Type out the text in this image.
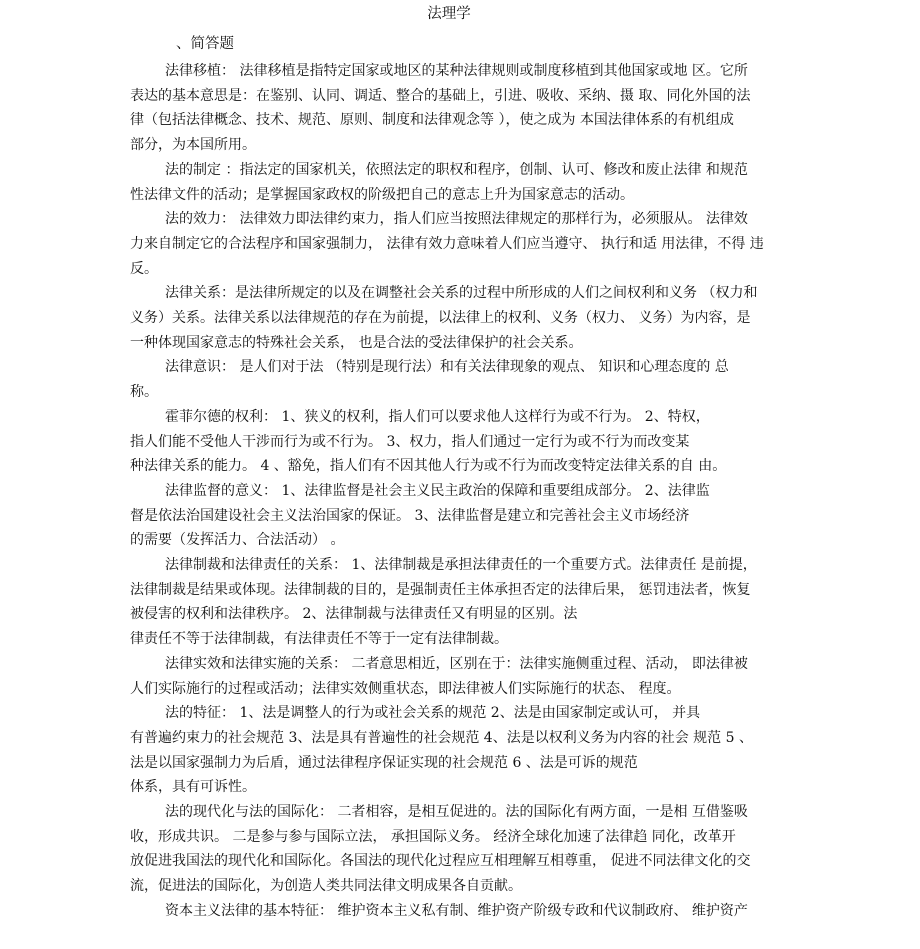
法理学
、简答题
法律移植： 法律移植是指特定国家或地区的某种法律规则或制度移植到其他国家或地 区。它所
表达的基本意思是：在鉴别、认同、调适、整合的基础上，引进、吸收、采纳、摄 取、同化外国的法
律（包括法律概念、技术、规范、原则、制度和法律观念等 ），使之成为 本国法律体系的有机组成
部分，为本国所用。
法的制定 ：指法定的国家机关，依照法定的职权和程序，创制、认可、修改和废止法律 和规范
性法律文件的活动；是掌握国家政权的阶级把自己的意志上升为国家意志的活动。
法的效力： 法律效力即法律约束力，指人们应当按照法律规定的那样行为，必须服从。 法律效
力来自制定它的合法程序和国家强制力， 法律有效力意味着人们应当遵守、 执行和适 用法律，不得 违
反。
法律关系：是法律所规定的以及在调整社会关系的过程中所形成的人们之间权利和义务 （权力和
义务）关系。法律关系以法律规范的存在为前提，以法律上的权利、义务（权力、 义务）为内容，是
一种体现国家意志的特殊社会关系， 也是合法的受法律保护的社会关系。
法律意识： 是人们对于法 （特别是现行法）和有关法律现象的观点、 知识和心理态度的 总
称。
霍菲尔德的权利： 1、狭义的权利，指人们可以要求他人这样行为或不行为。 2、特权，
指人们能不受他人干涉而行为或不行为。 3、权力，指人们通过一定行为或不行为而改变某
种法律关系的能力。 4 、豁免，指人们有不因其他人行为或不行为而改变特定法律关系的自 由。
法律监督的意义： 1、法律监督是社会主义民主政治的保障和重要组成部分。 2、法律监
督是依法治国建设社会主义法治国家的保证。 3、法律监督是建立和完善社会主义市场经济
的需要（发挥活力、合法活动） 。
法律制裁和法律责任的关系： 1、法律制裁是承担法律责任的一个重要方式。法律责任 是前提，
法律制裁是结果或体现。法律制裁的目的，是强制责任主体承担否定的法律后果， 惩罚违法者，恢复
被侵害的权利和法律秩序。 2、法律制裁与法律责任又有明显的区别。法
律责任不等于法律制裁，有法律责任不等于一定有法律制裁。
法律实效和法律实施的关系： 二者意思相近，区别在于：法律实施侧重过程、活动， 即法律被
人们实际施行的过程或活动；法律实效侧重状态，即法律被人们实际施行的状态、 程度。
法的特征： 1、法是调整人的行为或社会关系的规范 2、法是由国家制定或认可， 并具
有普遍约束力的社会规范 3、法是具有普遍性的社会规范 4、法是以权利义务为内容的社会 规范 5 、
法是以国家强制力为后盾，通过法律程序保证实现的社会规范 6 、法是可诉的规范
体系，具有可诉性。
法的现代化与法的国际化： 二者相容，是相互促进的。法的国际化有两方面，一是相 互借鉴吸
收，形成共识。 二是参与参与国际立法， 承担国际义务。 经济全球化加速了法律趋 同化，改革开
放促进我国法的现代化和国际化。各国法的现代化过程应互相理解互相尊重， 促进不同法律文化的交
流，促进法的国际化，为创造人类共同法律文明成果各自贡献。
资本主义法律的基本特征： 维护资本主义私有制、维护资产阶级专政和代议制政府、 维护资产
